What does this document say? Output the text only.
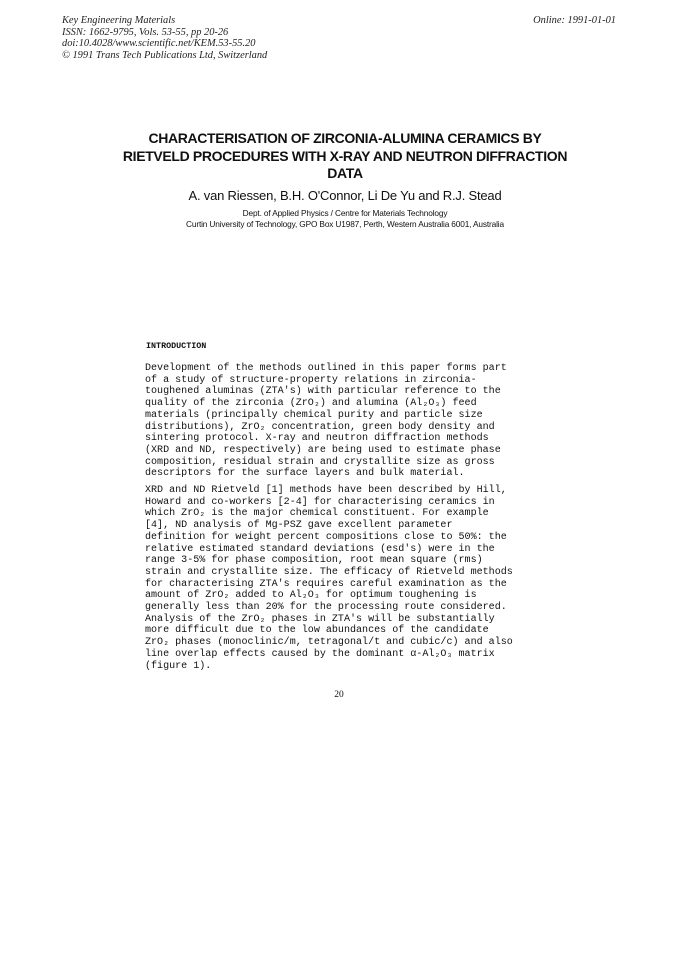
Key Engineering Materials
ISSN: 1662-9795, Vols. 53-55, pp 20-26
doi:10.4028/www.scientific.net/KEM.53-55.20
© 1991 Trans Tech Publications Ltd, Switzerland
Online: 1991-01-01
CHARACTERISATION OF ZIRCONIA-ALUMINA CERAMICS BY
RIETVELD PROCEDURES WITH X-RAY AND NEUTRON DIFFRACTION
DATA
A. van Riessen, B.H. O'Connor, Li De Yu and R.J. Stead
Dept. of Applied Physics / Centre for Materials Technology
Curtin University of Technology, GPO Box U1987, Perth, Western Australia 6001, Australia
INTRODUCTION
Development of the methods outlined in this paper forms part
of a study of structure-property relations in zirconia-
toughened aluminas (ZTA's) with particular reference to the
quality of the zirconia (ZrO₂) and alumina (Al₂O₃) feed
materials (principally chemical purity and particle size
distributions), ZrO₂ concentration, green body density and
sintering protocol. X-ray and neutron diffraction methods
(XRD and ND, respectively) are being used to estimate phase
composition, residual strain and crystallite size as gross
descriptors for the surface layers and bulk material.
XRD and ND Rietveld [1] methods have been described by Hill,
Howard and co-workers [2-4] for characterising ceramics in
which ZrO₂ is the major chemical constituent. For example
[4], ND analysis of Mg-PSZ gave excellent parameter
definition for weight percent compositions close to 50%: the
relative estimated standard deviations (esd's) were in the
range 3-5% for phase composition, root mean square (rms)
strain and crystallite size. The efficacy of Rietveld methods
for characterising ZTA's requires careful examination as the
amount of ZrO₂ added to Al₂O₃ for optimum toughening is
generally less than 20% for the processing route considered.
Analysis of the ZrO₂ phases in ZTA's will be substantially
more difficult due to the low abundances of the candidate
ZrO₂ phases (monoclinic/m, tetragonal/t and cubic/c) and also
line overlap effects caused by the dominant α-Al₂O₃ matrix
(figure 1).
20
